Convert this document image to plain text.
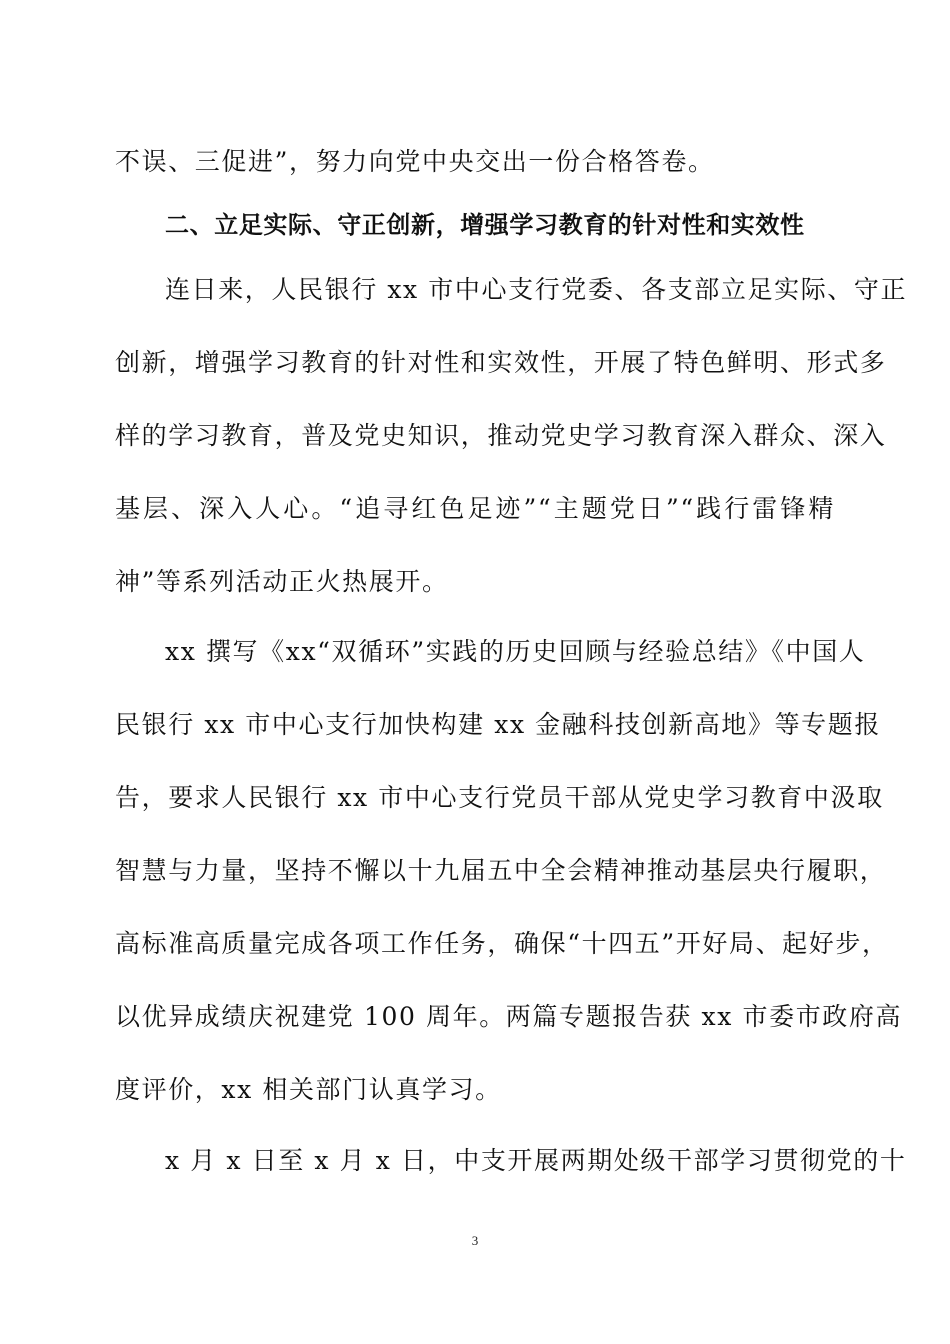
不误、三促进”，努力向党中央交出一份合格答卷。
二、立足实际、守正创新，增强学习教育的针对性和实效性
连日来，人民银行 xx 市中心支行党委、各支部立足实际、守正
创新，增强学习教育的针对性和实效性，开展了特色鲜明、形式多
样的学习教育，普及党史知识，推动党史学习教育深入群众、深入
基层、深入人心。“追寻红色足迹”“主题党日”“践行雷锋精
神”等系列活动正火热展开。
xx 撰写《xx“双循环”实践的历史回顾与经验总结》《中国人
民银行 xx 市中心支行加快构建 xx 金融科技创新高地》等专题报
告，要求人民银行 xx 市中心支行党员干部从党史学习教育中汲取
智慧与力量，坚持不懈以十九届五中全会精神推动基层央行履职，
高标准高质量完成各项工作任务，确保“十四五”开好局、起好步，
以优异成绩庆祝建党 100 周年。两篇专题报告获 xx 市委市政府高
度评价，xx 相关部门认真学习。
x 月 x 日至 x 月 x 日，中支开展两期处级干部学习贯彻党的十
3
